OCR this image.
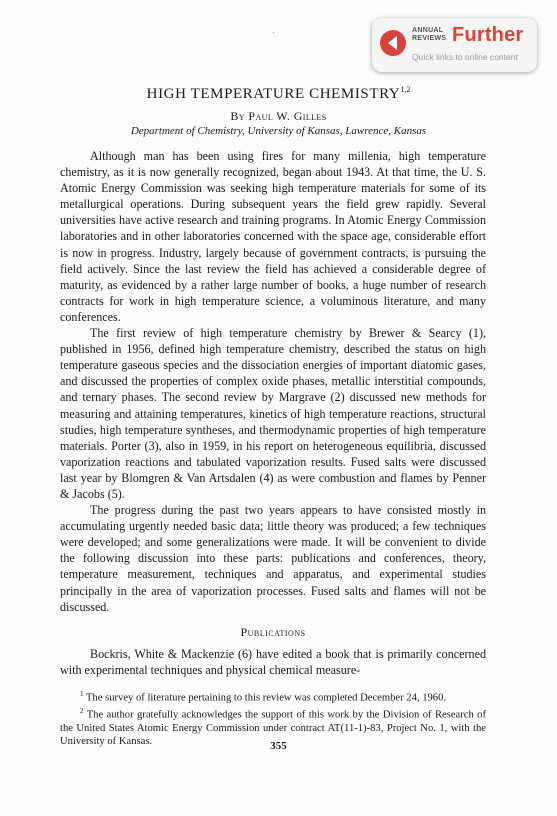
ANNUAL
REVIEWS Further
Quick links to online content
HIGH TEMPERATURE CHEMISTRY$^{1,2}$
By Paul W. Gilles
Department of Chemistry, University of Kansas, Lawrence, Kansas

Although man has been using fires for many millenia, high temperature chemistry, as it is now generally recognized, began about 1943. At that time, the U. S. Atomic Energy Commission was seeking high temperature materials for some of its metallurgical operations. During subsequent years the field grew rapidly. Several universities have active research and training programs. In Atomic Energy Commission laboratories and in other laboratories concerned with the space age, considerable effort is now in progress. Industry, largely because of government contracts, is pursuing the field actively. Since the last review the field has achieved a considerable degree of maturity, as evidenced by a rather large number of books, a huge number of research contracts for work in high temperature science, a voluminous literature, and many conferences.

The first review of high temperature chemistry by Brewer & Searcy (1), published in 1956, defined high temperature chemistry, described the status on high temperature gaseous species and the dissociation energies of important diatomic gases, and discussed the properties of complex oxide phases, metallic interstitial compounds, and ternary phases. The second review by Margrave (2) discussed new methods for measuring and attaining temperatures, kinetics of high temperature reactions, structural studies, high temperature syntheses, and thermodynamic properties of high temperature materials. Porter (3), also in 1959, in his report on heterogeneous equilibria, discussed vaporization reactions and tabulated vaporization results. Fused salts were discussed last year by Blomgren & Van Artsdalen (4) as were combustion and flames by Penner & Jacobs (5).

The progress during the past two years appears to have consisted mostly in accumulating urgently needed basic data; little theory was produced; a few techniques were developed; and some generalizations were made. It will be convenient to divide the following discussion into these parts: publications and conferences, theory, temperature measurement, techniques and apparatus, and experimental studies principally in the area of vaporization processes. Fused salts and flames will not be discussed.

Publications

Bockris, White & Mackenzie (6) have edited a book that is primarily concerned with experimental techniques and physical chemical measure-

$^1$ The survey of literature pertaining to this review was completed December 24, 1960.

$^2$ The author gratefully acknowledges the support of this work by the Division of Research of the United States Atomic Energy Commission under contract AT(11-1)-83, Project No. 1, with the University of Kansas.	355
